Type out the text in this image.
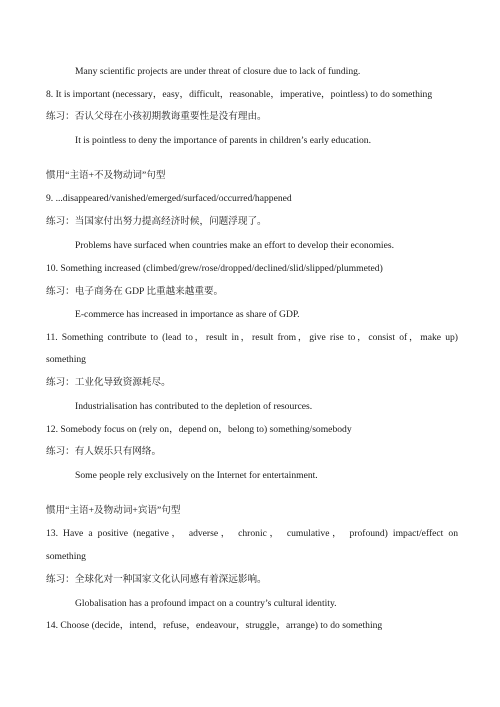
Many scientific projects are under threat of closure due to lack of funding.
8. It is important (necessary，easy，difficult，reasonable，imperative，pointless) to do something
练习：否认父母在小孩初期教诲重要性是没有理由。
It is pointless to deny the importance of parents in children’s early education.
惯用“主语+不及物动词”句型
9. ...disappeared/vanished/emerged/surfaced/occurred/happened
练习：当国家付出努力提高经济时候，问题浮现了。
Problems have surfaced when countries make an effort to develop their economies.
10. Something increased (climbed/grew/rose/dropped/declined/slid/slipped/plummeted)
练习：电子商务在 GDP 比重越来越重要。
E-commerce has increased in importance as share of GDP.
11. Something contribute to (lead to，result in，result from，give rise to，consist of，make up)
something
练习：工业化导致资源耗尽。
Industrialisation has contributed to the depletion of resources.
12. Somebody focus on (rely on，depend on，belong to) something/somebody
练习：有人娱乐只有网络。
Some people rely exclusively on the Internet for entertainment.
惯用“主语+及物动词+宾语”句型
13. Have a positive (negative， adverse， chronic， cumulative， profound) impact/effect on
something
练习：全球化对一种国家文化认同感有着深远影响。
Globalisation has a profound impact on a country’s cultural identity.
14. Choose (decide，intend，refuse，endeavour，struggle，arrange) to do something
